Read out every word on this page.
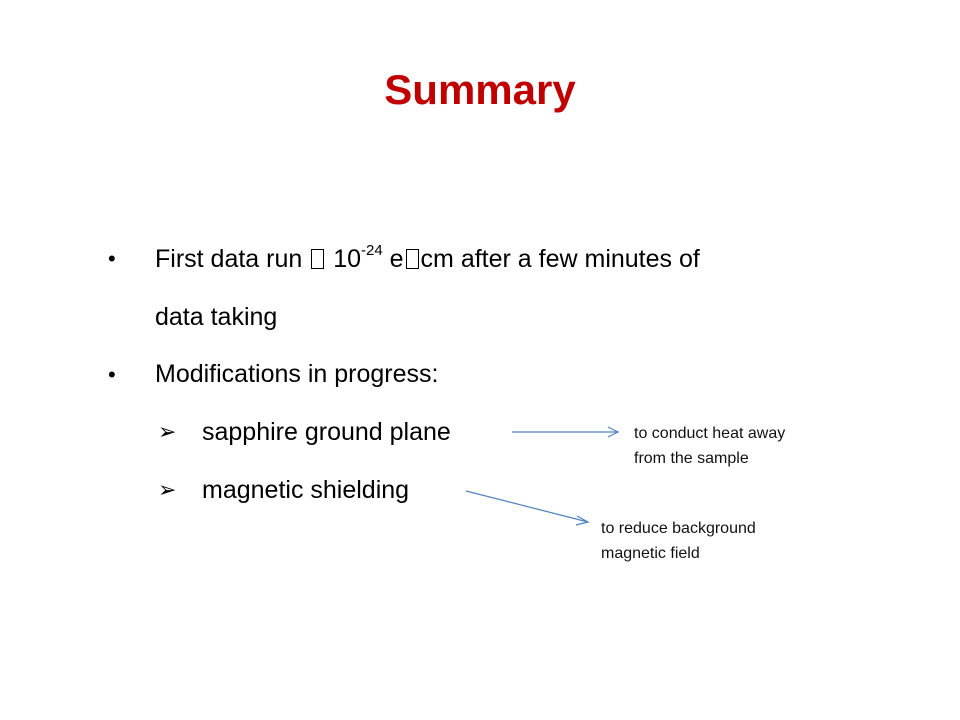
Summary
• First data run $10^{-24}$ e cm after a few minutes of
data taking
• Modifications in progress:
➢ sapphire ground plane
➢ magnetic shielding
to conduct heat away
from the sample
to reduce background
magnetic field
